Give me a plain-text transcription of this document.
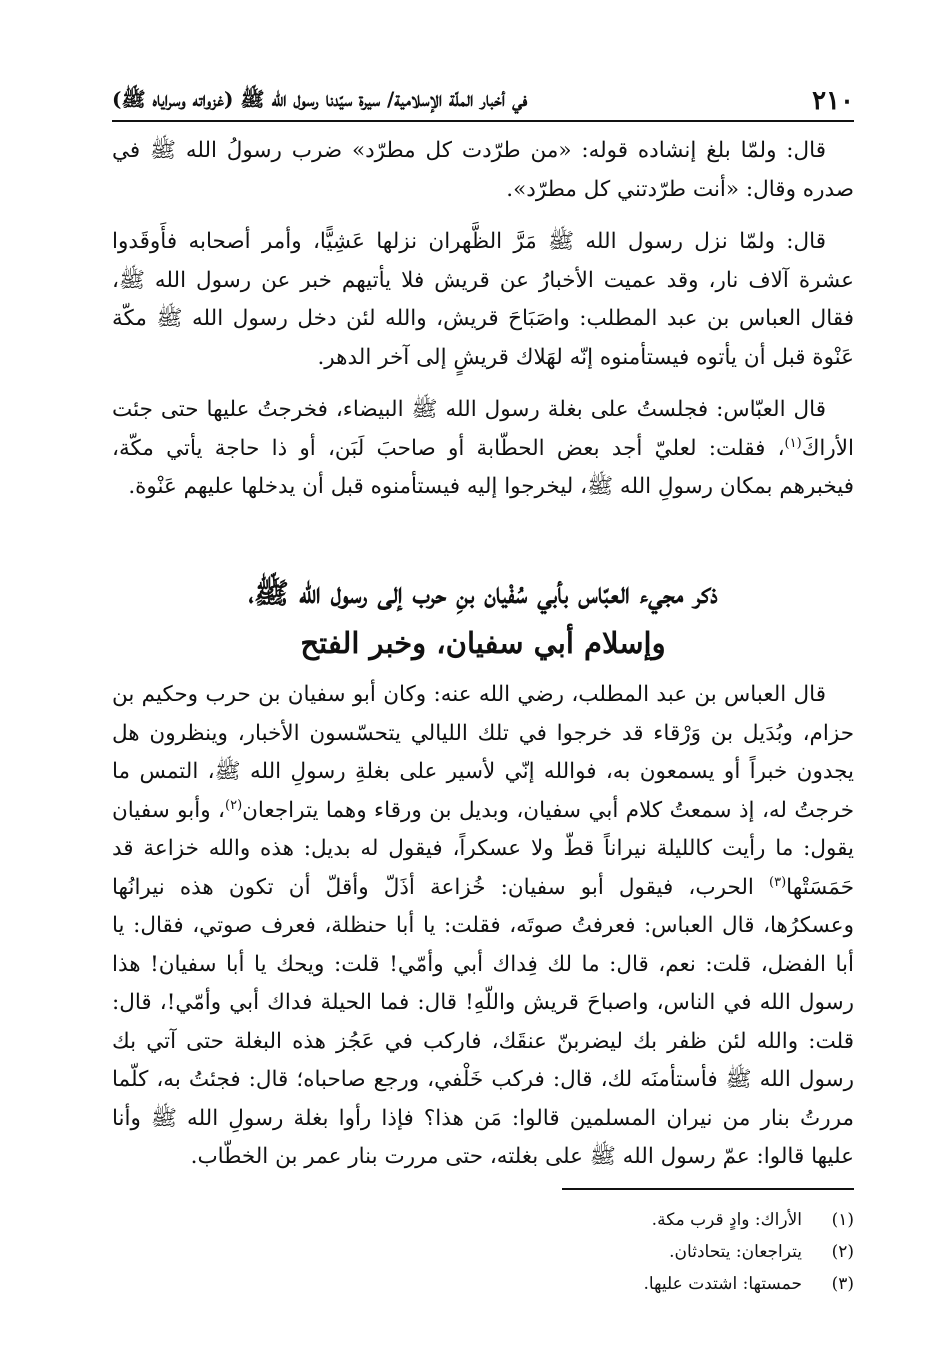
٢١٠
في أخبار الملّة الإسلامية/ سيرة سيّدنا رسول الله ﷺ (غزواته وسراياه ﷺ)

قال: ولمّا بلغ إنشاده قوله: «من طرّدت كل مطرّد» ضرب رسولُ الله ﷺ في صدره وقال: «أنت طرّدتني كل مطرّد».

قال: ولمّا نزل رسول الله ﷺ مَرَّ الظَّهران نزلها عَشِيًّا، وأمر أصحابه فأَوقَدوا عشرة آلاف نار، وقد عميت الأخبارُ عن قريش فلا يأتيهم خبر عن رسول الله ﷺ، فقال العباس بن عبد المطلب: واصَبَاحَ قريش، والله لئن دخل رسول الله ﷺ مكّة عَنْوة قبل أن يأتوه فيستأمنوه إنّه لهَلاك قريشٍ إلى آخر الدهر.

قال العبّاس: فجلستُ على بغلة رسول الله ﷺ البيضاء، فخرجتُ عليها حتى جئت الأراكَ$^{(١)}$، فقلت: لعليّ أجد بعض الحطّابة أو صاحبَ لَبَن، أو ذا حاجة يأتي مكّة، فيخبرهم بمكان رسولِ الله ﷺ، ليخرجوا إليه فيستأمنوه قبل أن يدخلها عليهم عَنْوة.

ذكر مجيء العبّاس بأبي سُفْيان بنِ حرب إلى رسول الله ﷺ،
وإسلام أبي سفيان، وخبر الفتح

قال العباس بن عبد المطلب، رضي الله عنه: وكان أبو سفيان بن حرب وحكيم بن حزام، وبُدَيل بن وَرْقاء قد خرجوا في تلك الليالي يتحسّسون الأخبار، وينظرون هل يجدون خبراً أو يسمعون به، فوالله إنّي لأسير على بغلةِ رسولِ الله ﷺ، التمس ما خرجتُ له، إذ سمعتُ كلام أبي سفيان، وبديل بن ورقاء وهما يتراجعان$^{(٢)}$، وأبو سفيان يقول: ما رأيت كالليلة نيراناً قطّ ولا عسكراً، فيقول له بديل: هذه والله خزاعة قد حَمَسَتْها$^{(٣)}$ الحرب، فيقول أبو سفيان: خُزاعة أذَلّ وأقلّ أن تكون هذه نيرانُها وعسكرُها، قال العباس: فعرفتُ صوتَه، فقلت: يا أبا حنظلة، فعرف صوتي، فقال: يا أبا الفضل، قلت: نعم، قال: ما لك فِداك أبي وأمّي! قلت: ويحك يا أبا سفيان! هذا رسول الله في الناس، واصباحَ قريش واللّهِ! قال: فما الحيلة فداك أبي وأمّي!، قال: قلت: والله لئن ظفر بك ليضربنّ عنقَك، فاركب في عَجُز هذه البغلة حتى آتي بك رسول الله ﷺ فأستأمنَه لك، قال: فركب خَلْفي، ورجع صاحباه؛ قال: فجئتُ به، كلّما مررتُ بنار من نيران المسلمين قالوا: مَن هذا؟ فإذا رأوا بغلة رسولِ الله ﷺ وأنا عليها قالوا: عمّ رسول الله ﷺ على بغلته، حتى مررت بنار عمر بن الخطّاب.

(١)
الأراك: وادٍ قرب مكة.
(٢)
يتراجعان: يتحادثان.
(٣)
حمستها: اشتدت عليها.
